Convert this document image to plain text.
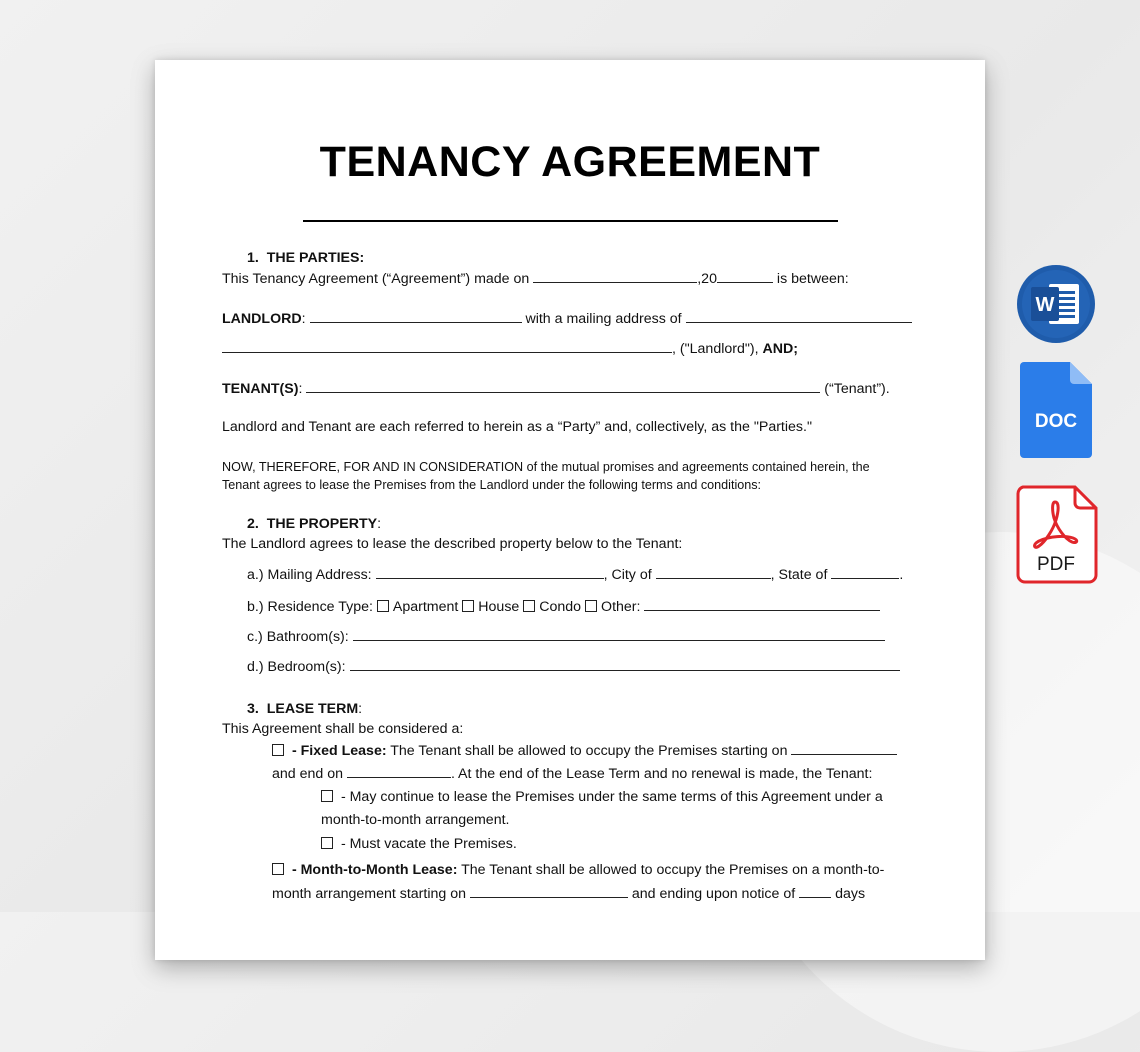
TENANCY AGREEMENT
1. THE PARTIES:
This Tenancy Agreement (“Agreement”) made on	,20	is between:
LANDLORD:	with a mailing address of
, ("Landlord"), AND;
TENANT(S):	(“Tenant”).
Landlord and Tenant are each referred to herein as a “Party” and, collectively, as the "Parties."
NOW, THEREFORE, FOR AND IN CONSIDERATION of the mutual promises and agreements contained herein, the
Tenant agrees to lease the Premises from the Landlord under the following terms and conditions:
2. THE PROPERTY:
The Landlord agrees to lease the described property below to the Tenant:
a.) Mailing Address:	, City of	, State of	.
b.) Residence Type: Apartment House Condo Other:
c.) Bathroom(s):
d.) Bedroom(s):
3. LEASE TERM:
This Agreement shall be considered a:
- Fixed Lease: The Tenant shall be allowed to occupy the Premises starting on
and end on	. At the end of the Lease Term and no renewal is made, the Tenant:
- May continue to lease the Premises under the same terms of this Agreement under a
month-to-month arrangement.
- Must vacate the Premises.
- Month-to-Month Lease: The Tenant shall be allowed to occupy the Premises on a month-to-
month arrangement starting on	and ending upon notice of  days
W
DOC
PDF
